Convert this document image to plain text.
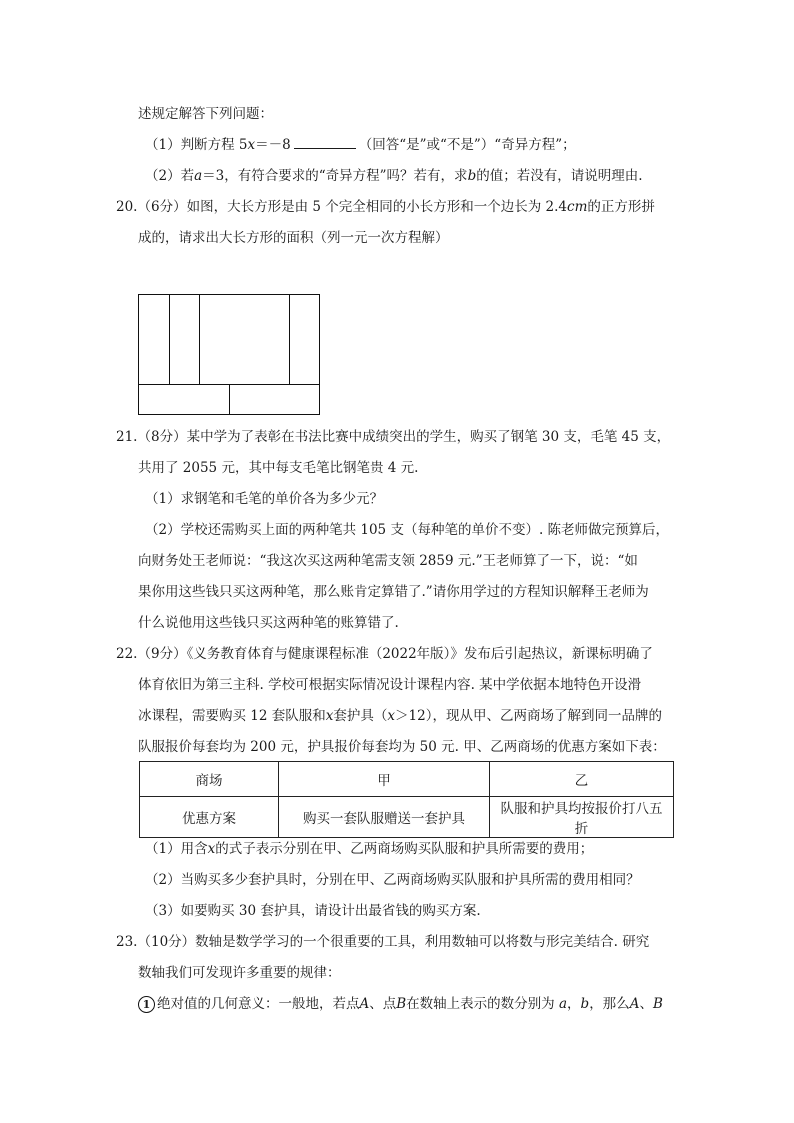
述规定解答下列问题：
（1）判断方程 5x＝－8	（回答“是”或“不是”）“奇异方程”；
（2）若a＝3，有符合要求的“奇异方程”吗？若有，求b的值；若没有，请说明理由.
20.（6分）如图，大长方形是由 5 个完全相同的小长方形和一个边长为 2.4cm的正方形拼
成的，请求出大长方形的面积（列一元一次方程解）
21.（8分）某中学为了表彰在书法比赛中成绩突出的学生，购买了钢笔 30 支，毛笔 45 支，
共用了 2055 元，其中每支毛笔比钢笔贵 4 元.
（1）求钢笔和毛笔的单价各为多少元？
（2）学校还需购买上面的两种笔共 105 支（每种笔的单价不变）. 陈老师做完预算后，
向财务处王老师说：“我这次买这两种笔需支领 2859 元.”王老师算了一下，说：“如
果你用这些钱只买这两种笔，那么账肯定算错了.”请你用学过的方程知识解释王老师为
什么说他用这些钱只买这两种笔的账算错了.
22.（9分）《义务教育体育与健康课程标准（2022年版）》发布后引起热议，新课标明确了
体育依旧为第三主科. 学校可根据实际情况设计课程内容. 某中学依据本地特色开设滑
冰课程，需要购买 12 套队服和x套护具（x＞12），现从甲、乙两商场了解到同一品牌的
队服报价每套均为 200 元，护具报价每套均为 50 元. 甲、乙两商场的优惠方案如下表：
商场	甲	乙
优惠方案	购买一套队服赠送一套护具	队服和护具均按报价打八五折
（1）用含x的式子表示分别在甲、乙两商场购买队服和护具所需要的费用；
（2）当购买多少套护具时，分别在甲、乙两商场购买队服和护具所需的费用相同？
（3）如要购买 30 套护具，请设计出最省钱的购买方案.
23.（10分）数轴是数学学习的一个很重要的工具，利用数轴可以将数与形完美结合. 研究
数轴我们可发现许多重要的规律：
1 绝对值的几何意义：一般地，若点A、点B在数轴上表示的数分别为 a，b，那么A、B
